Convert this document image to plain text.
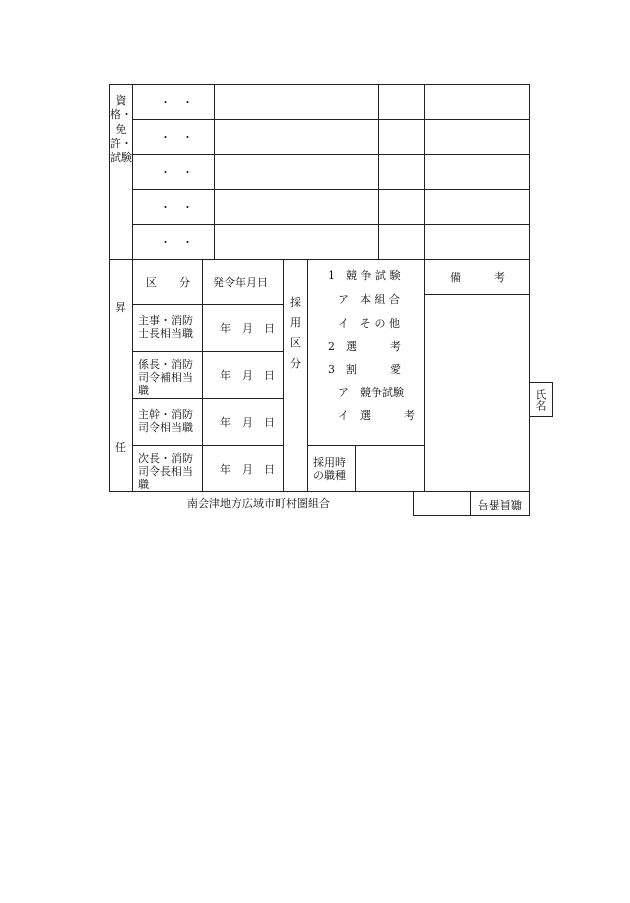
資格・免許・試験
・　・
・　・
・　・
・　・
・　・
昇
任
区　　分 発令年月日
主事・消防
士長相当職 年　月　日
係長・消防
司令補相当
職
年　月　日
主幹・消防
司令相当職 年　月　日
次長・消防
司令長相当
職
年　月　日
採

用

区

分
1　競 争 試 験
ア　本 組 合
イ　そ の 他
2　選　　　考
3　割　　　愛
ア　競争試験
イ　選　　　考
採用時
の職種
備　　　考
氏名
職員番号
南会津地方広域市町村圏組合
